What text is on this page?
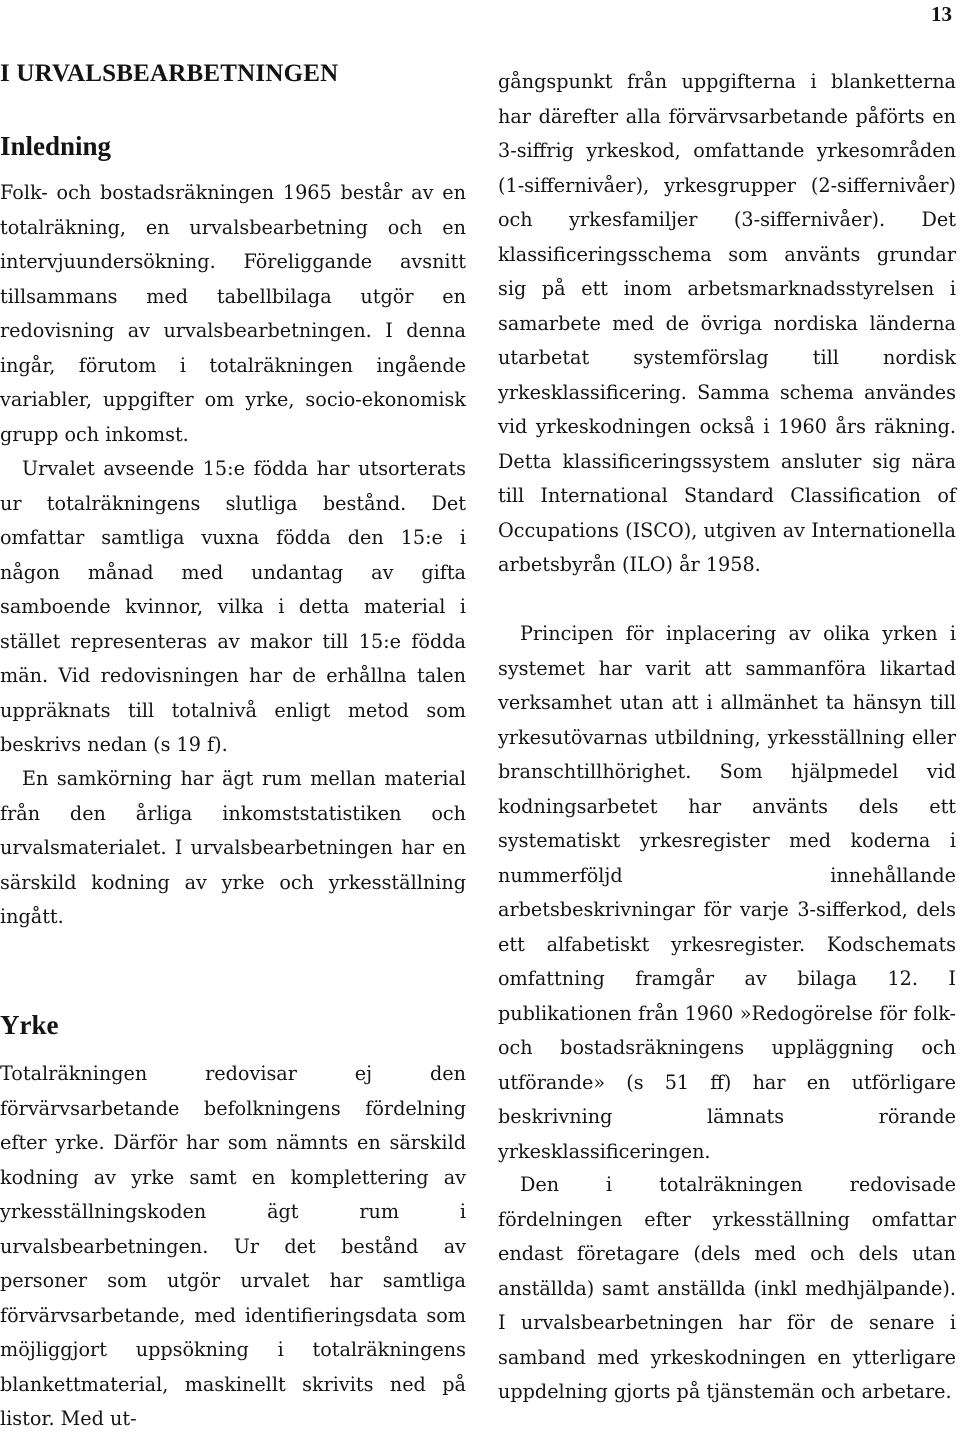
13
I URVALSBEARBETNINGEN
Inledning

Folk- och bostadsräkningen 1965 består av en totalräkning, en urvalsbearbetning och en intervjuundersökning. Föreliggande avsnitt tillsammans med tabellbilaga utgör en redovisning av urvalsbearbetningen. I denna ingår, förutom i totalräkningen ingående variabler, uppgifter om yrke, socio-ekonomisk grupp och inkomst.

Urvalet avseende 15:e födda har utsorterats ur totalräkningens slutliga bestånd. Det omfattar samtliga vuxna födda den 15:e i någon månad med undantag av gifta samboende kvinnor, vilka i detta material i stället representeras av makor till 15:e födda män. Vid redovisningen har de erhållna talen uppräknats till totalnivå enligt metod som beskrivs nedan (s 19 f).

En samkörning har ägt rum mellan material från den årliga inkomststatistiken och urvalsmaterialet. I urvalsbearbetningen har en särskild kodning av yrke och yrkesställning ingått.

Yrke

Totalräkningen redovisar ej den förvärvsarbetande befolkningens fördelning efter yrke. Därför har som nämnts en särskild kodning av yrke samt en komplettering av yrkesställningskoden ägt rum i urvalsbearbetningen. Ur det bestånd av personer som utgör urvalet har samtliga förvärvsarbetande, med identifieringsdata som möjliggjort uppsökning i totalräkningens blankettmaterial, maskinellt skrivits ned på listor. Med ut-

gångspunkt från uppgifterna i blanketterna har därefter alla förvärvsarbetande påförts en 3-siffrig yrkeskod, omfattande yrkesområden (1-siffernivåer), yrkesgrupper (2-siffernivåer) och yrkesfamiljer (3-siffernivåer). Det klassificeringsschema som använts grundar sig på ett inom arbetsmarknadsstyrelsen i samarbete med de övriga nordiska länderna utarbetat systemförslag till nordisk yrkesklassificering. Samma schema användes vid yrkeskodningen också i 1960 års räkning. Detta klassificeringssystem ansluter sig nära till International Standard Classification of Occupations (ISCO), utgiven av Internationella arbetsbyrån (ILO) år 1958.

Principen för inplacering av olika yrken i systemet har varit att sammanföra likartad verksamhet utan att i allmänhet ta hänsyn till yrkesutövarnas utbildning, yrkesställning eller branschtillhörighet. Som hjälpmedel vid kodningsarbetet har använts dels ett systematiskt yrkesregister med koderna i nummerföljd innehållande arbetsbeskrivningar för varje 3-sifferkod, dels ett alfabetiskt yrkesregister. Kodschemats omfattning framgår av bilaga 12. I publikationen från 1960 »Redogörelse för folk- och bostadsräkningens uppläggning och utförande» (s 51 ff) har en utförligare beskrivning lämnats rörande yrkesklassificeringen.

Den i totalräkningen redovisade fördelningen efter yrkesställning omfattar endast företagare (dels med och dels utan anställda) samt anställda (inkl medhjälpande). I urvalsbearbetningen har för de senare i samband med yrkeskodningen en ytterligare uppdelning gjorts på tjänstemän och arbetare.
